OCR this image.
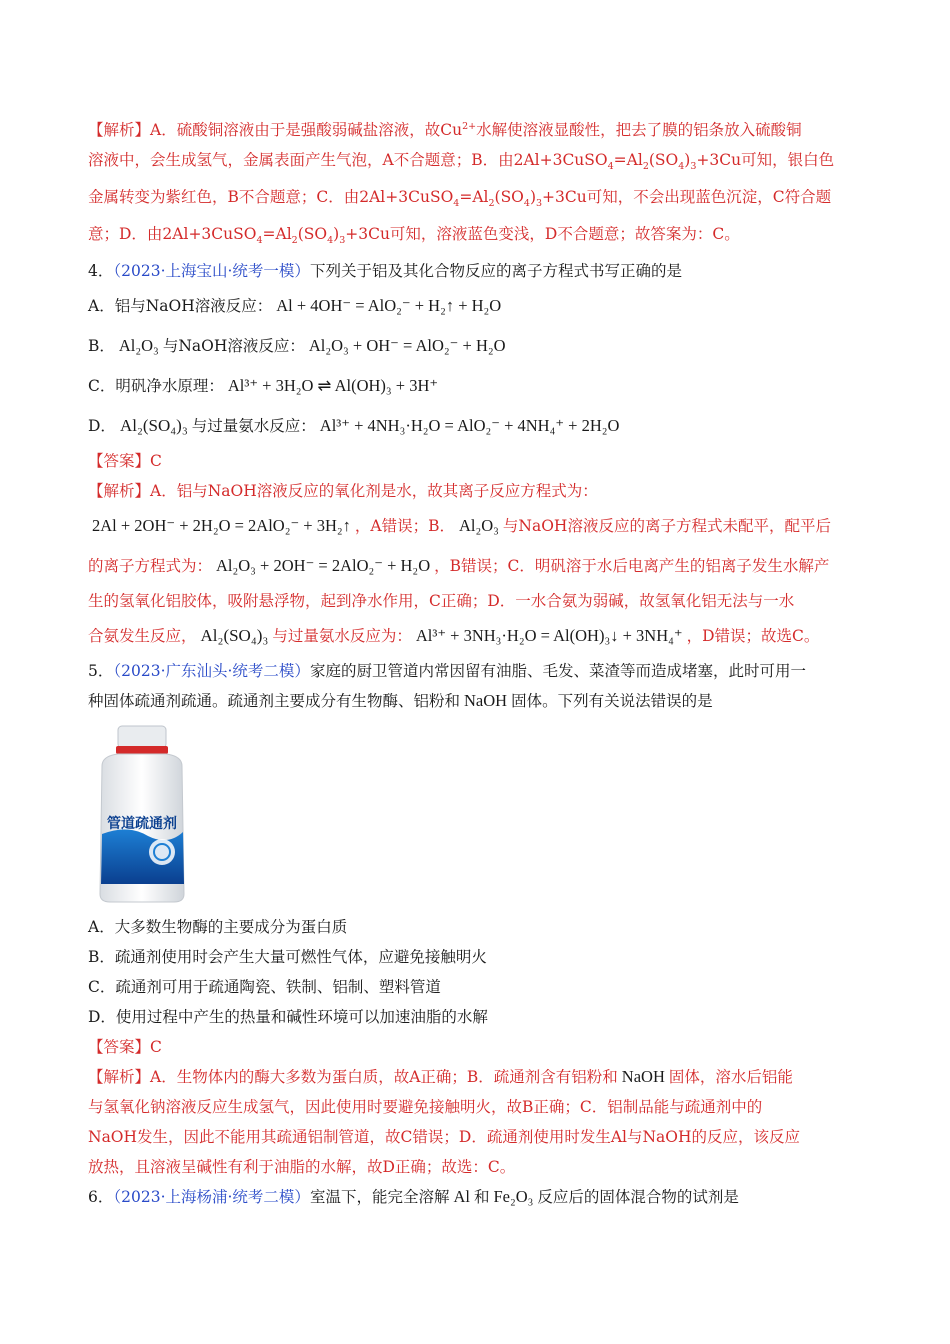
【解析】A．硫酸铜溶液由于是强酸弱碱盐溶液，故$Cu^{2+}$水解使溶液显酸性，把去了膜的铝条放入硫酸铜
溶液中，会生成氢气，金属表面产生气泡，A不合题意；B．由$2Al+3CuSO_4=Al_2(SO_4)_3+3Cu$可知，银白色
金属转变为紫红色，B不合题意；C．由$2Al+3CuSO_4=Al_2(SO_4)_3+3Cu$可知，不会出现蓝色沉淀，C符合题
意；D．由$2Al+3CuSO_4=Al_2(SO_4)_3+3Cu$可知，溶液蓝色变浅，D不合题意；故答案为：C。
4．（2023·上海宝山·统考一模）下列关于铝及其化合物反应的离子方程式书写正确的是
A．铝与NaOH溶液反应： Al + 4OH⁻ = AlO₂⁻ + H₂↑ + H₂O
B． Al₂O₃ 与NaOH溶液反应： Al₂O₃ + OH⁻ = AlO₂⁻ + H₂O
C．明矾净水原理： Al³⁺ + 3H₂O ⇌ Al(OH)₃ + 3H⁺
D． Al₂(SO₄)₃ 与过量氨水反应： Al³⁺ + 4NH₃·H₂O = AlO₂⁻ + 4NH₄⁺ + 2H₂O
【答案】C
【解析】A．铝与NaOH溶液反应的氧化剂是水，故其离子反应方程式为：
2Al + 2OH⁻ + 2H₂O = 2AlO₂⁻ + 3H₂↑ ，A错误；B． Al₂O₃ 与NaOH溶液反应的离子方程式未配平，配平后
的离子方程式为： Al₂O₃ + 2OH⁻ = 2AlO₂⁻ + H₂O ，B错误；C．明矾溶于水后电离产生的铝离子发生水解产
生的氢氧化铝胶体，吸附悬浮物，起到净水作用，C正确；D．一水合氨为弱碱，故氢氧化铝无法与一水
合氨发生反应， Al₂(SO₄)₃ 与过量氨水反应为： Al³⁺ + 3NH₃·H₂O = Al(OH)₃↓ + 3NH₄⁺ ，D错误；故选C。
5．（2023·广东汕头·统考二模）家庭的厨卫管道内常因留有油脂、毛发、菜渣等而造成堵塞，此时可用一
种固体疏通剂疏通。疏通剂主要成分有生物酶、铝粉和 NaOH 固体。下列有关说法错误的是
管道疏通剂
A．大多数生物酶的主要成分为蛋白质
B．疏通剂使用时会产生大量可燃性气体，应避免接触明火
C．疏通剂可用于疏通陶瓷、铁制、铝制、塑料管道
D．使用过程中产生的热量和碱性环境可以加速油脂的水解
【答案】C
【解析】A．生物体内的酶大多数为蛋白质，故A正确；B．疏通剂含有铝粉和 NaOH 固体，溶水后铝能
与氢氧化钠溶液反应生成氢气，因此使用时要避免接触明火，故B正确；C．铝制品能与疏通剂中的
NaOH发生，因此不能用其疏通铝制管道，故C错误；D．疏通剂使用时发生Al与NaOH的反应，该反应
放热，且溶液呈碱性有利于油脂的水解，故D正确；故选：C。
6．（2023·上海杨浦·统考二模）室温下，能完全溶解 Al 和 Fe₂O₃ 反应后的固体混合物的试剂是
